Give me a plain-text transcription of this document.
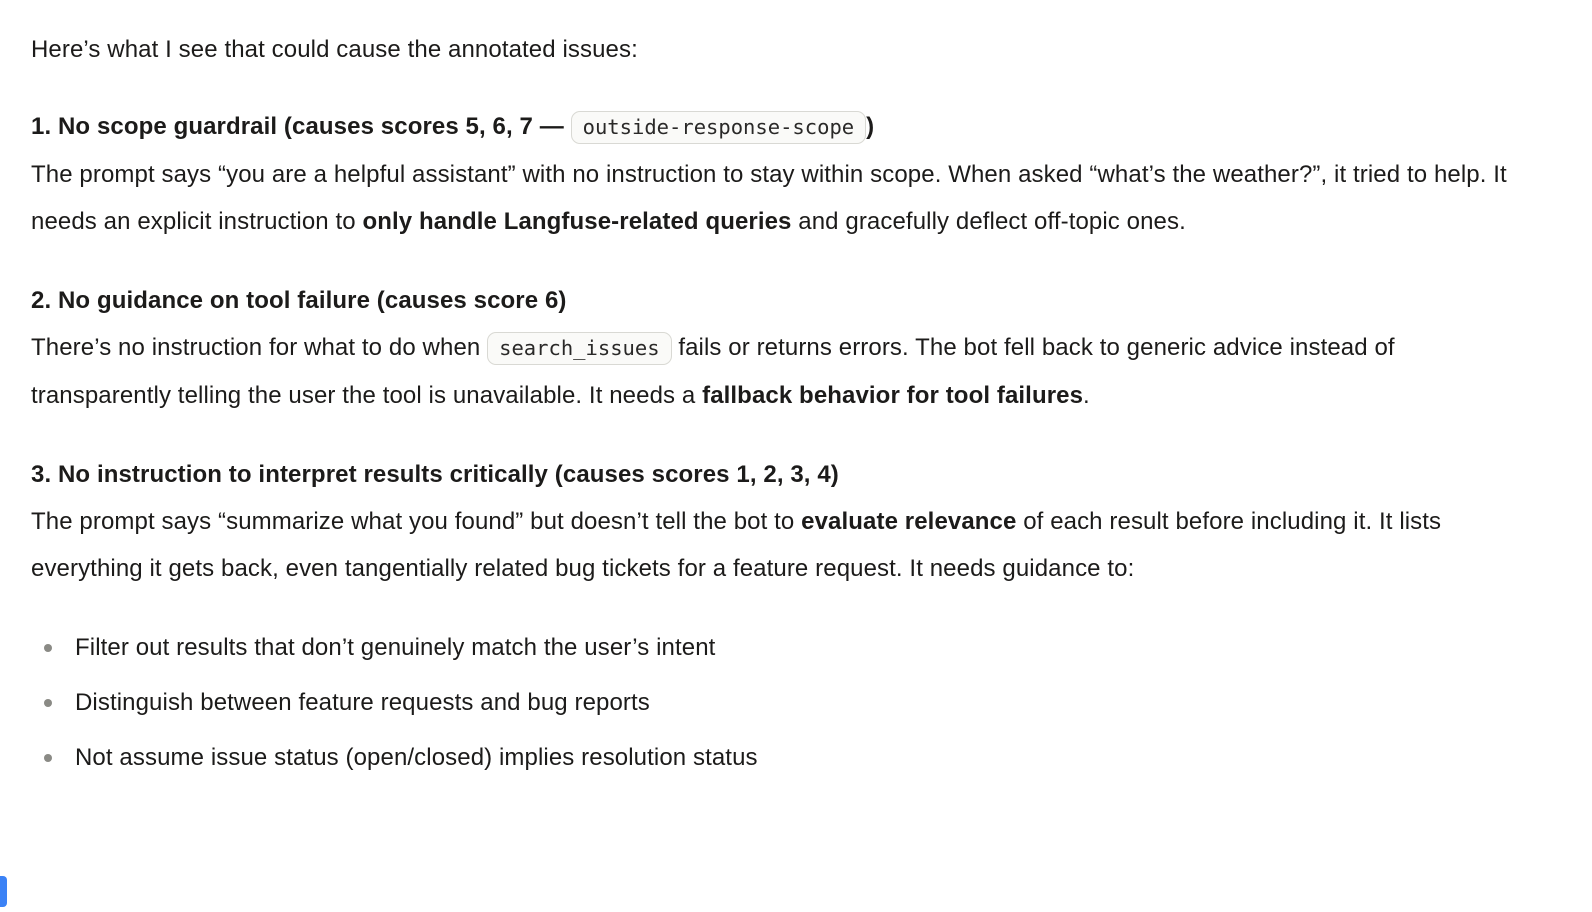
Here’s what I see that could cause the annotated issues:

1. No scope guardrail (causes scores 5, 6, 7 — outside-response-scope )

The prompt says “you are a helpful assistant” with no instruction to stay within scope. When asked “what’s the weather?”, it tried to help. It needs an explicit instruction to only handle Langfuse-related queries and gracefully deflect off-topic ones.

2. No guidance on tool failure (causes score 6)

There’s no instruction for what to do when search_issues fails or returns errors. The bot fell back to generic advice instead of transparently telling the user the tool is unavailable. It needs a fallback behavior for tool failures.

3. No instruction to interpret results critically (causes scores 1, 2, 3, 4)

The prompt says “summarize what you found” but doesn’t tell the bot to evaluate relevance of each result before including it. It lists everything it gets back, even tangentially related bug tickets for a feature request. It needs guidance to:

Filter out results that don’t genuinely match the user’s intent
Distinguish between feature requests and bug reports
Not assume issue status (open/closed) implies resolution status
